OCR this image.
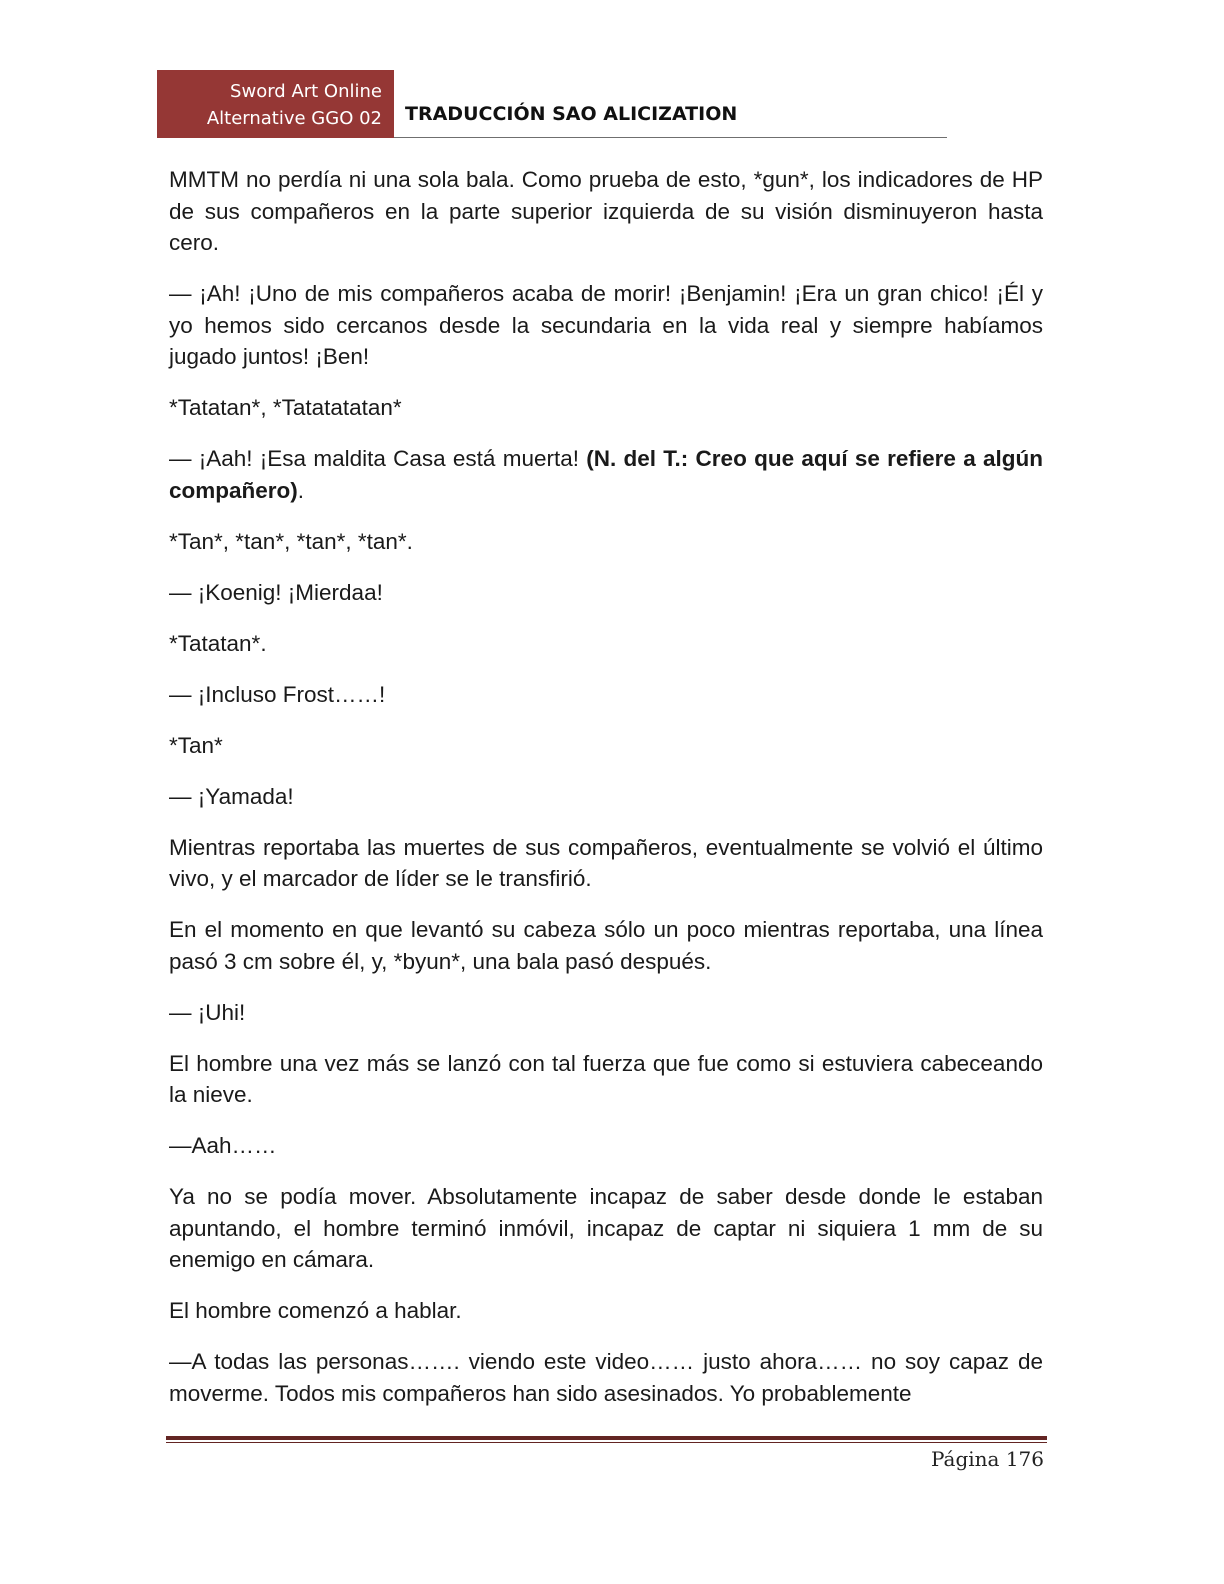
Sword Art Online
Alternative GGO 02 TRADUCCIÓN SAO ALICIZATION

MMTM no perdía ni una sola bala. Como prueba de esto, *gun*, los indicadores de HP de sus compañeros en la parte superior izquierda de su visión disminuyeron hasta cero.

— ¡Ah! ¡Uno de mis compañeros acaba de morir! ¡Benjamin! ¡Era un gran chico! ¡Él y yo hemos sido cercanos desde la secundaria en la vida real y siempre habíamos jugado juntos! ¡Ben!

*Tatatan*, *Tatatatatan*

— ¡Aah! ¡Esa maldita Casa está muerta! (N. del T.: Creo que aquí se refiere a algún compañero).

*Tan*, *tan*, *tan*, *tan*.

— ¡Koenig! ¡Mierdaa!

*Tatatan*.

— ¡Incluso Frost……!

*Tan*

— ¡Yamada!

Mientras reportaba las muertes de sus compañeros, eventualmente se volvió el último vivo, y el marcador de líder se le transfirió.

En el momento en que levantó su cabeza sólo un poco mientras reportaba, una línea pasó 3 cm sobre él, y, *byun*, una bala pasó después.

— ¡Uhi!

El hombre una vez más se lanzó con tal fuerza que fue como si estuviera cabeceando la nieve.

—Aah……

Ya no se podía mover. Absolutamente incapaz de saber desde donde le estaban apuntando, el hombre terminó inmóvil, incapaz de captar ni siquiera 1 mm de su enemigo en cámara.

El hombre comenzó a hablar.

—A todas las personas……. viendo este video…… justo ahora…… no soy capaz de moverme. Todos mis compañeros han sido asesinados. Yo probablemente

Página 176
